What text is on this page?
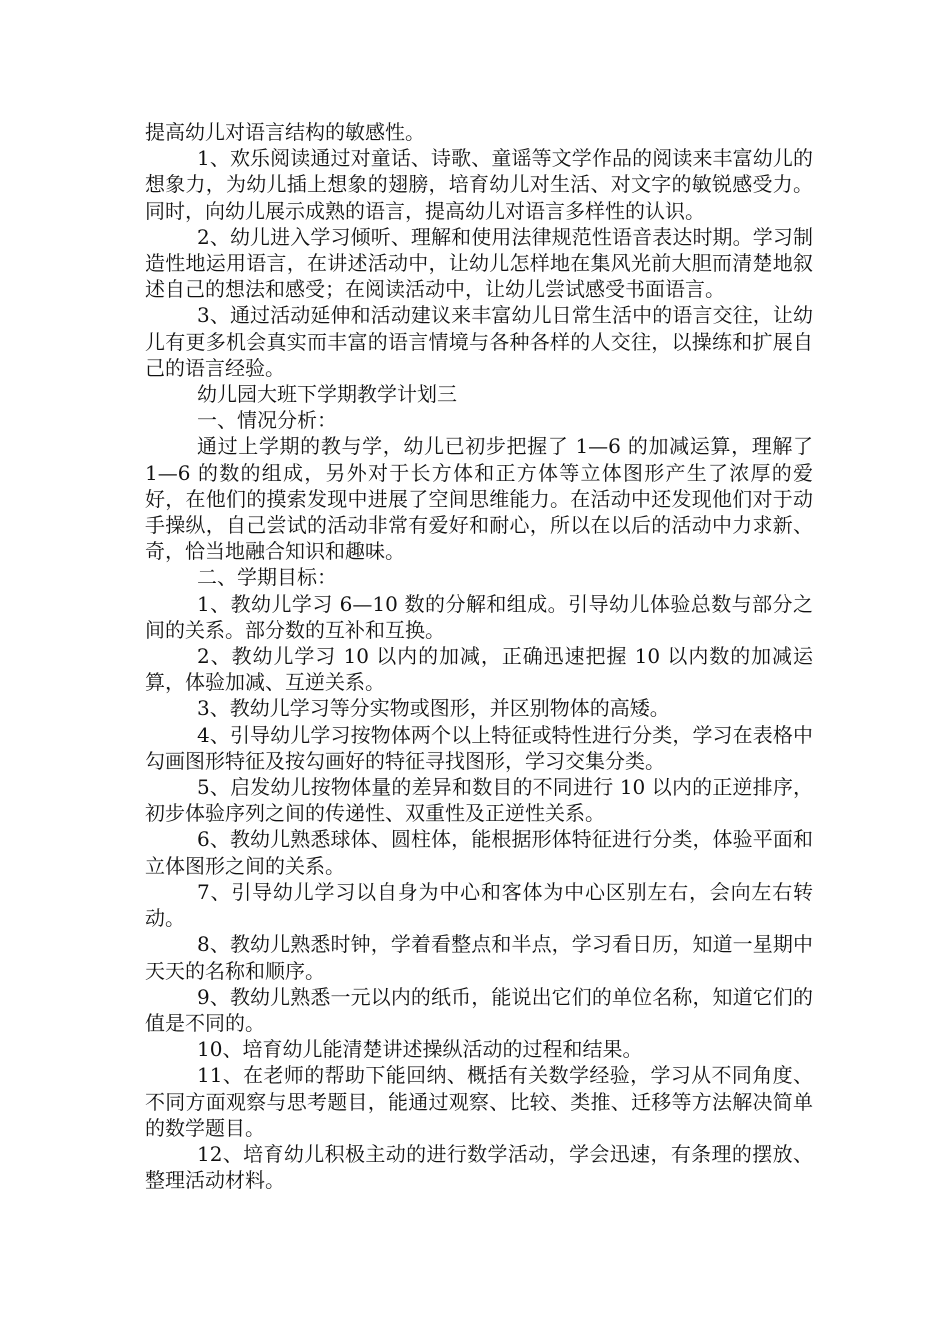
提高幼儿对语言结构的敏感性。

1、欢乐阅读通过对童话、诗歌、童谣等文学作品的阅读来丰富幼儿的想象力，为幼儿插上想象的翅膀，培育幼儿对生活、对文字的敏锐感受力。同时，向幼儿展示成熟的语言，提高幼儿对语言多样性的认识。

2、幼儿进入学习倾听、理解和使用法律规范性语音表达时期。学习制造性地运用语言，在讲述活动中，让幼儿怎样地在集风光前大胆而清楚地叙述自己的想法和感受；在阅读活动中，让幼儿尝试感受书面语言。

3、通过活动延伸和活动建议来丰富幼儿日常生活中的语言交往，让幼儿有更多机会真实而丰富的语言情境与各种各样的人交往，以操练和扩展自己的语言经验。

幼儿园大班下学期教学计划三

一、情况分析：

通过上学期的教与学，幼儿已初步把握了 1—6 的加减运算，理解了 1—6 的数的组成，另外对于长方体和正方体等立体图形产生了浓厚的爱好，在他们的摸索发现中进展了空间思维能力。在活动中还发现他们对于动手操纵，自己尝试的活动非常有爱好和耐心，所以在以后的活动中力求新、奇，恰当地融合知识和趣味。

二、学期目标：

1、教幼儿学习 6—10 数的分解和组成。引导幼儿体验总数与部分之间的关系。部分数的互补和互换。

2、教幼儿学习 10 以内的加减，正确迅速把握 10 以内数的加减运算，体验加减、互逆关系。

3、教幼儿学习等分实物或图形，并区别物体的高矮。

4、引导幼儿学习按物体两个以上特征或特性进行分类，学习在表格中勾画图形特征及按勾画好的特征寻找图形，学习交集分类。

5、启发幼儿按物体量的差异和数目的不同进行 10 以内的正逆排序，初步体验序列之间的传递性、双重性及正逆性关系。

6、教幼儿熟悉球体、圆柱体，能根据形体特征进行分类，体验平面和立体图形之间的关系。

7、引导幼儿学习以自身为中心和客体为中心区别左右，会向左右转动。

8、教幼儿熟悉时钟，学着看整点和半点，学习看日历，知道一星期中天天的名称和顺序。

9、教幼儿熟悉一元以内的纸币，能说出它们的单位名称，知道它们的值是不同的。

10、培育幼儿能清楚讲述操纵活动的过程和结果。

11、在老师的帮助下能回纳、概括有关数学经验，学习从不同角度、不同方面观察与思考题目，能通过观察、比较、类推、迁移等方法解决简单的数学题目。

12、培育幼儿积极主动的进行数学活动，学会迅速，有条理的摆放、整理活动材料。
